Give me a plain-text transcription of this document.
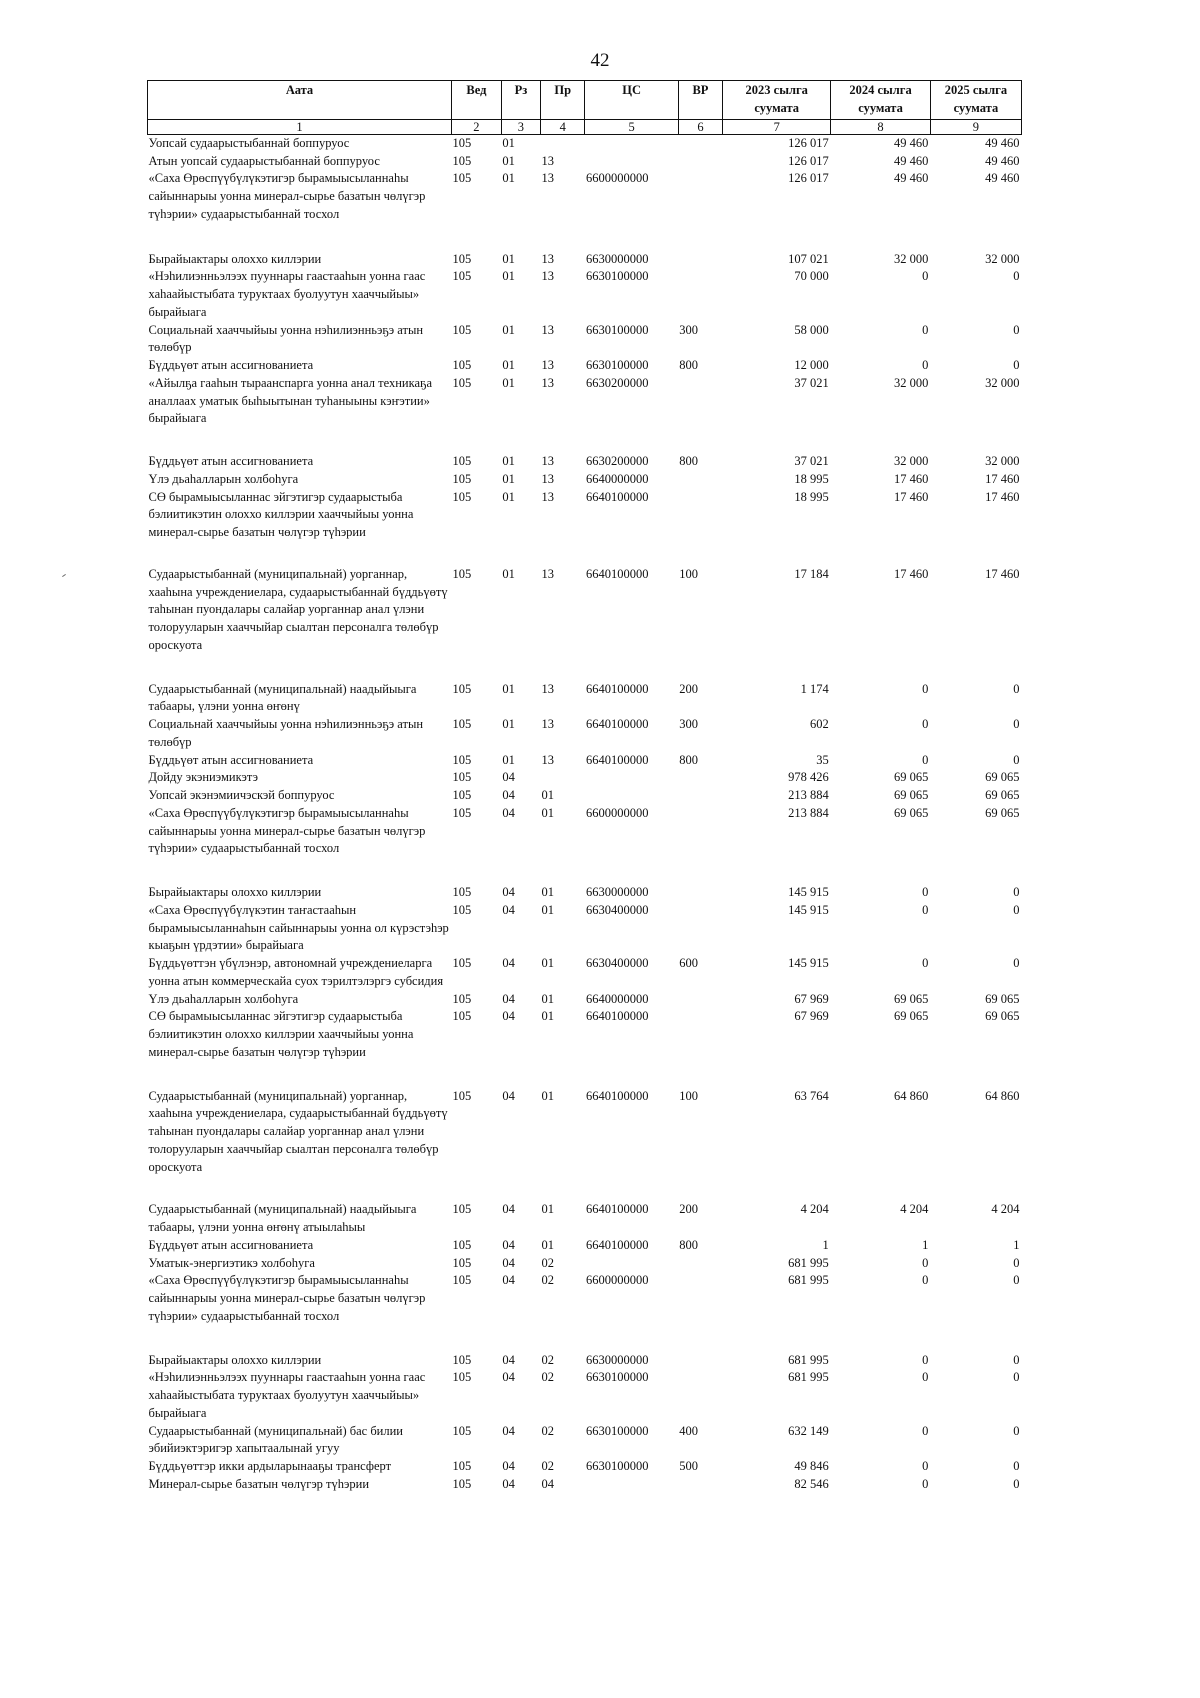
42
Аата	Вед	Рз	Пр	ЦС	ВР	2023 сылга суумата	2024 сылга суумата	2025 сылга суумата
1	2	3	4	5	6	7	8	9
Уопсай судаарыстыбаннай боппуруос	105	01				126 017	49 460	49 460
Атын уопсай судаарыстыбаннай боппуруос	105	01	13			126 017	49 460	49 460
«Саха Өрөспүүбүлүкэтигэр бырамыысыланнаһы сайыннарыы уонна минерал-сырье базатын чөлүгэр түһэрии» судаарыстыбаннай тосхол	105	01	13	6600000000		126 017	49 460	49 460
Бырайыактары олоххо киллэрии	105	01	13	6630000000		107 021	32 000	32 000
«Нэһилиэнньэлээх пууннары гаастааһын уонна гаас хаһаайыстыбата туруктаах буолуутун хааччыйыы» бырайыага	105	01	13	6630100000		70 000	0	0
Социальнай хааччыйыы уонна нэһилиэнньэҕэ атын төлөбүр	105	01	13	6630100000	300	58 000	0	0
Бүддьүөт атын ассигнованиета	105	01	13	6630100000	800	12 000	0	0
«Айылҕа гааһын тыраанспарга уонна анал техникаҕа аналлаах уматык быһыытынан туһаныыны кэҥэтии» бырайыага	105	01	13	6630200000		37 021	32 000	32 000
Бүддьүөт атын ассигнованиета	105	01	13	6630200000	800	37 021	32 000	32 000
Үлэ дьаһалларын холбоһуга	105	01	13	6640000000		18 995	17 460	17 460
СӨ бырамыысыланнас эйгэтигэр судаарыстыба бэлиитикэтин олоххо киллэрии хааччыйыы уонна минерал-сырье базатын чөлүгэр түһэрии	105	01	13	6640100000		18 995	17 460	17 460
Судаарыстыбаннай (муниципальнай) уорганнар, хааһына учреждениелара, судаарыстыбаннай бүддьүөтү таһынан пуондалары салайар уорганнар анал үлэни толорууларын хааччыйар сыалтан персоналга төлөбүр ороскуота	105	01	13	6640100000	100	17 184	17 460	17 460
Судаарыстыбаннай (муниципальнай) наадыйыыга табаары, үлэни уонна өҥөнү	105	01	13	6640100000	200	1 174	0	0
Социальнай хааччыйыы уонна нэһилиэнньэҕэ атын төлөбүр	105	01	13	6640100000	300	602	0	0
Бүддьүөт атын ассигнованиета	105	01	13	6640100000	800	35	0	0
Дойду экэниэмикэтэ	105	04				978 426	69 065	69 065
Уопсай экэнэмиичэскэй боппуруос	105	04	01			213 884	69 065	69 065
«Саха Өрөспүүбүлүкэтигэр бырамыысыланнаһы сайыннарыы уонна минерал-сырье базатын чөлүгэр түһэрии» судаарыстыбаннай тосхол	105	04	01	6600000000		213 884	69 065	69 065
Бырайыактары олоххо киллэрии	105	04	01	6630000000		145 915	0	0
«Саха Өрөспүүбүлүкэтин таҥастааһын бырамыысыланнаһын сайыннарыы уонна ол күрэстэһэр кыаҕын үрдэтии» бырайыага	105	04	01	6630400000		145 915	0	0
Бүддьүөттэн үбүлэнэр, автономнай учреждениеларга уонна атын коммерческайа суох тэрилтэлэргэ субсидия	105	04	01	6630400000	600	145 915	0	0
Үлэ дьаһалларын холбоһуга	105	04	01	6640000000		67 969	69 065	69 065
СӨ бырамыысыланнас эйгэтигэр судаарыстыба бэлиитикэтин олоххо киллэрии хааччыйыы уонна минерал-сырье базатын чөлүгэр түһэрии	105	04	01	6640100000		67 969	69 065	69 065
Судаарыстыбаннай (муниципальнай) уорганнар, хааһына учреждениелара, судаарыстыбаннай бүддьүөтү таһынан пуондалары салайар уорганнар анал үлэни толорууларын хааччыйар сыалтан персоналга төлөбүр ороскуота	105	04	01	6640100000	100	63 764	64 860	64 860
Судаарыстыбаннай (муниципальнай) наадыйыыга табаары, үлэни уонна өҥөнү атыылаһыы	105	04	01	6640100000	200	4 204	4 204	4 204
Бүддьүөт атын ассигнованиета	105	04	01	6640100000	800	1	1	1
Уматык-энергиэтикэ холбоһуга	105	04	02			681 995	0	0
«Саха Өрөспүүбүлүкэтигэр бырамыысыланнаһы сайыннарыы уонна минерал-сырье базатын чөлүгэр түһэрии» судаарыстыбаннай тосхол	105	04	02	6600000000		681 995	0	0
Бырайыактары олоххо киллэрии	105	04	02	6630000000		681 995	0	0
«Нэһилиэнньэлээх пууннары гаастааһын уонна гаас хаһаайыстыбата туруктаах буолуутун хааччыйыы» бырайыага	105	04	02	6630100000		681 995	0	0
Судаарыстыбаннай (муниципальнай) бас билии эбийиэктэригэр хапытаалынай угуу	105	04	02	6630100000	400	632 149	0	0
Бүддьүөттэр икки ардыларынааҕы трансферт	105	04	02	6630100000	500	49 846	0	0
Минерал-сырье базатын чөлүгэр түһэрии	105	04	04			82 546	0	0
